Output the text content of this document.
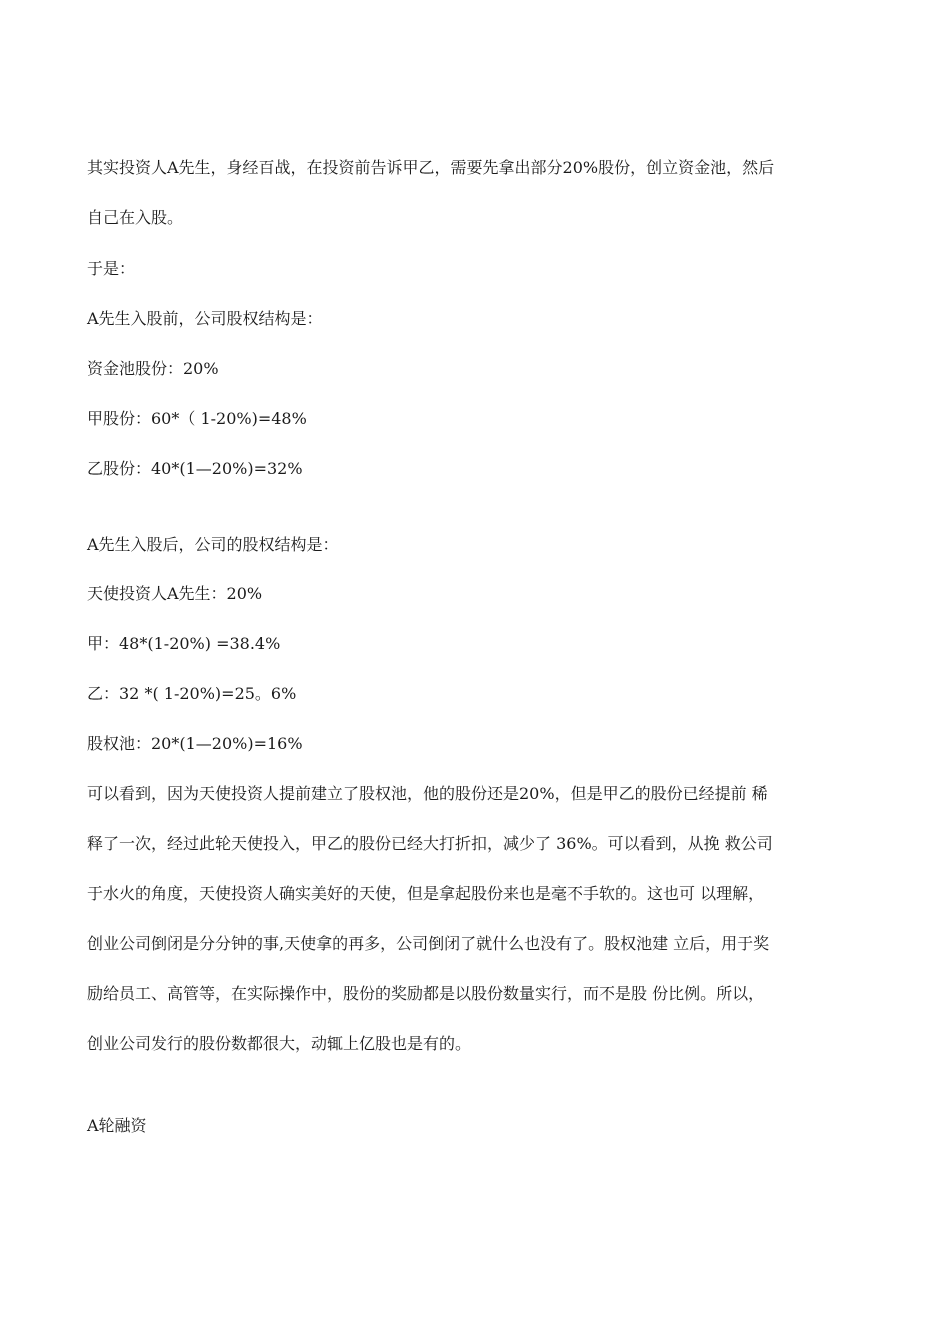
其实投资人A先生，身经百战，在投资前告诉甲乙，需要先拿出部分20%股份，创立资金池，然后
自己在入股。
于是：
A先生入股前，公司股权结构是：
资金池股份：20%
甲股份：60*（ 1-20%)=48%
乙股份：40*(1—20%)=32%
A先生入股后，公司的股权结构是：
天使投资人A先生：20%
甲：48*(1-20%) =38.4%
乙：32 *( 1-20%)=25。6%
股权池：20*(1—20%)=16%
可以看到，因为天使投资人提前建立了股权池，他的股份还是20%，但是甲乙的股份已经提前 稀
释了一次，经过此轮天使投入，甲乙的股份已经大打折扣，减少了 36%。可以看到，从挽 救公司
于水火的角度，天使投资人确实美好的天使，但是拿起股份来也是毫不手软的。这也可 以理解，
创业公司倒闭是分分钟的事,天使拿的再多，公司倒闭了就什么也没有了。股权池建 立后，用于奖
励给员工、高管等，在实际操作中，股份的奖励都是以股份数量实行，而不是股 份比例。所以，
创业公司发行的股份数都很大，动辄上亿股也是有的。
A轮融资
